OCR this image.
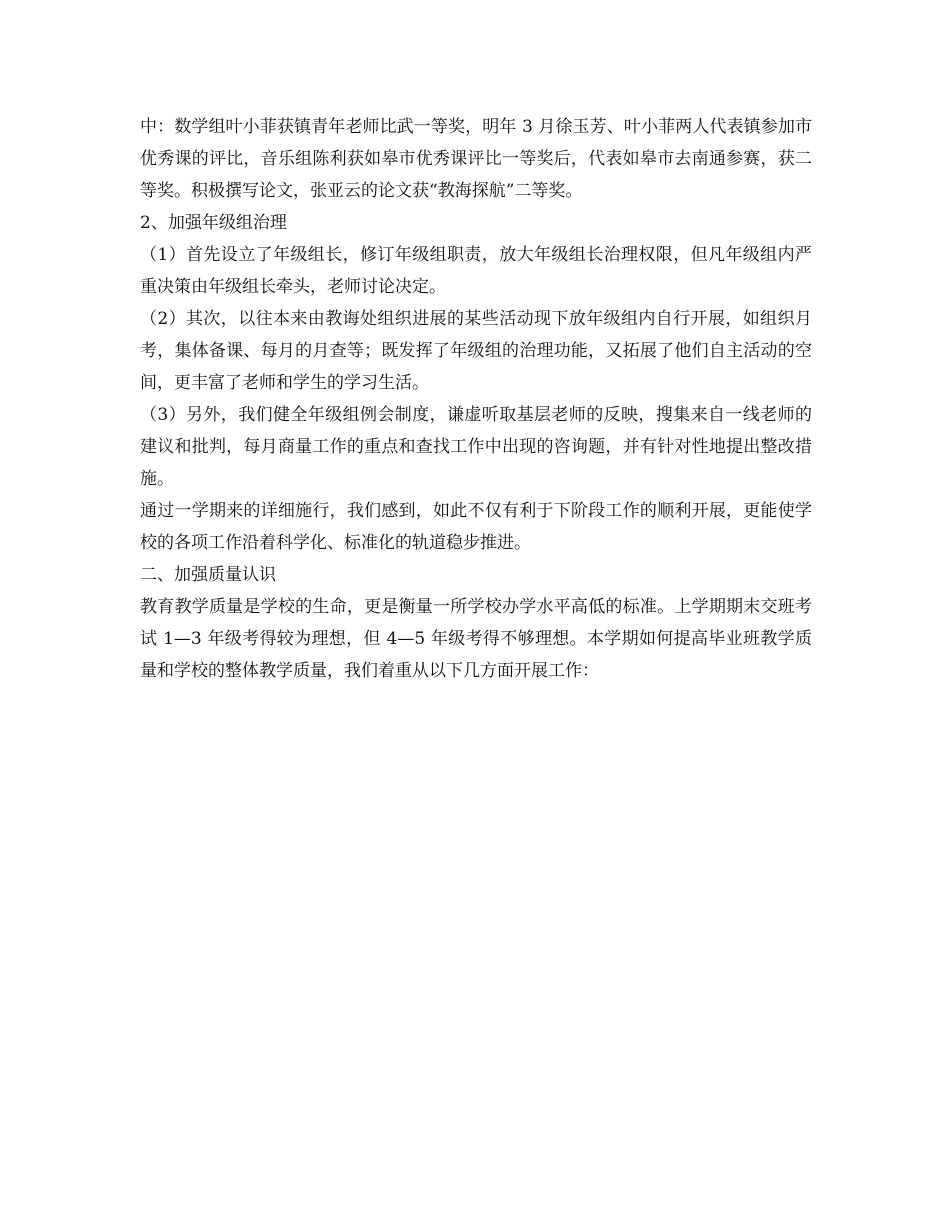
中：数学组叶小菲获镇青年老师比武一等奖，明年 3 月徐玉芳、叶小菲两人代表镇参加市优秀课的评比，音乐组陈利获如皋市优秀课评比一等奖后，代表如皋市去南通参赛，获二等奖。积极撰写论文，张亚云的论文获“教海探航”二等奖。

2、加强年级组治理

（1）首先设立了年级组长，修订年级组职责，放大年级组长治理权限，但凡年级组内严重决策由年级组长牵头，老师讨论决定。

（2）其次，以往本来由教诲处组织进展的某些活动现下放年级组内自行开展，如组织月考，集体备课、每月的月查等；既发挥了年级组的治理功能，又拓展了他们自主活动的空间，更丰富了老师和学生的学习生活。

（3）另外，我们健全年级组例会制度，谦虚听取基层老师的反映，搜集来自一线老师的建议和批判，每月商量工作的重点和查找工作中出现的咨询题，并有针对性地提出整改措施。

通过一学期来的详细施行，我们感到，如此不仅有利于下阶段工作的顺利开展，更能使学校的各项工作沿着科学化、标准化的轨道稳步推进。

二、加强质量认识

教育教学质量是学校的生命，更是衡量一所学校办学水平高低的标准。上学期期末交班考试 1—3 年级考得较为理想，但 4—5 年级考得不够理想。本学期如何提高毕业班教学质量和学校的整体教学质量，我们着重从以下几方面开展工作：
